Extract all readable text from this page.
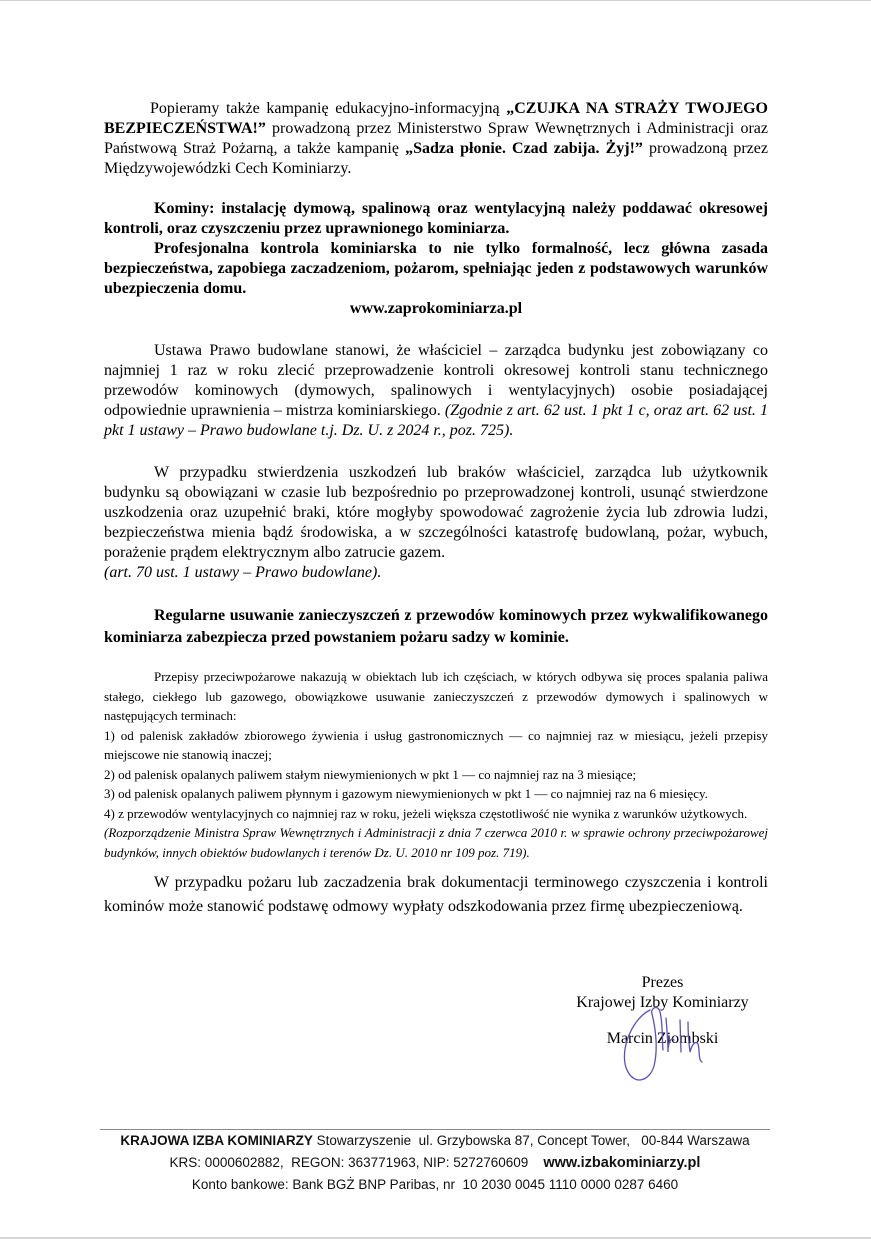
Popieramy także kampanię edukacyjno-informacyjną „CZUJKA NA STRAŻY TWOJEGO BEZPIECZEŃSTWA!” prowadzoną przez Ministerstwo Spraw Wewnętrznych i Administracji oraz Państwową Straż Pożarną, a także kampanię „Sadza płonie. Czad zabija. Żyj!” prowadzoną przez Międzywojewódzki Cech Kominiarzy.

Kominy: instalację dymową, spalinową oraz wentylacyjną należy poddawać okresowej kontroli, oraz czyszczeniu przez uprawnionego kominiarza.

Profesjonalna kontrola kominiarska to nie tylko formalność, lecz główna zasada bezpieczeństwa, zapobiega zaczadzeniom, pożarom, spełniając jeden z podstawowych warunków ubezpieczenia domu.

www.zaprokominiarza.pl

Ustawa Prawo budowlane stanowi, że właściciel – zarządca budynku jest zobowiązany co najmniej 1 raz w roku zlecić przeprowadzenie kontroli okresowej kontroli stanu technicznego przewodów kominowych (dymowych, spalinowych i wentylacyjnych) osobie posiadającej odpowiednie uprawnienia – mistrza kominiarskiego. (Zgodnie z art. 62 ust. 1 pkt 1 c, oraz art. 62 ust. 1 pkt 1 ustawy – Prawo budowlane t.j. Dz. U. z 2024 r., poz. 725).

W przypadku stwierdzenia uszkodzeń lub braków właściciel, zarządca lub użytkownik budynku są obowiązani w czasie lub bezpośrednio po przeprowadzonej kontroli, usunąć stwierdzone uszkodzenia oraz uzupełnić braki, które mogłyby spowodować zagrożenie życia lub zdrowia ludzi, bezpieczeństwa mienia bądź środowiska, a w szczególności katastrofę budowlaną, pożar, wybuch, porażenie prądem elektrycznym albo zatrucie gazem.

(art. 70 ust. 1 ustawy – Prawo budowlane).

Regularne usuwanie zanieczyszczeń z przewodów kominowych przez wykwalifikowanego kominiarza zabezpiecza przed powstaniem pożaru sadzy w kominie.

Przepisy przeciwpożarowe nakazują w obiektach lub ich częściach, w których odbywa się proces spalania paliwa stałego, ciekłego lub gazowego, obowiązkowe usuwanie zanieczyszczeń z przewodów dymowych i spalinowych w następujących terminach:

1) od palenisk zakładów zbiorowego żywienia i usług gastronomicznych — co najmniej raz w miesiącu, jeżeli przepisy miejscowe nie stanowią inaczej;

2) od palenisk opalanych paliwem stałym niewymienionych w pkt 1 — co najmniej raz na 3 miesiące;

3) od palenisk opalanych paliwem płynnym i gazowym niewymienionych w pkt 1 — co najmniej raz na 6 miesięcy.

4) z przewodów wentylacyjnych co najmniej raz w roku, jeżeli większa częstotliwość nie wynika z warunków użytkowych.

(Rozporządzenie Ministra Spraw Wewnętrznych i Administracji z dnia 7 czerwca 2010 r. w sprawie ochrony przeciwpożarowej budynków, innych obiektów budowlanych i terenów Dz. U. 2010 nr 109 poz. 719).

W przypadku pożaru lub zaczadzenia brak dokumentacji terminowego czyszczenia i kontroli kominów może stanowić podstawę odmowy wypłaty odszkodowania przez firmę ubezpieczeniową.

Prezes
Krajowej Izby Kominiarzy
Marcin Ziombski
KRAJOWA IZBA KOMINIARZY Stowarzyszenie  ul. Grzybowska 87, Concept Tower,   00-844 Warszawa
KRS: 0000602882,  REGON: 363771963, NIP: 5272760609    www.izbakominiarzy.pl
Konto bankowe: Bank BGŻ BNP Paribas, nr  10 2030 0045 1110 0000 0287 6460
